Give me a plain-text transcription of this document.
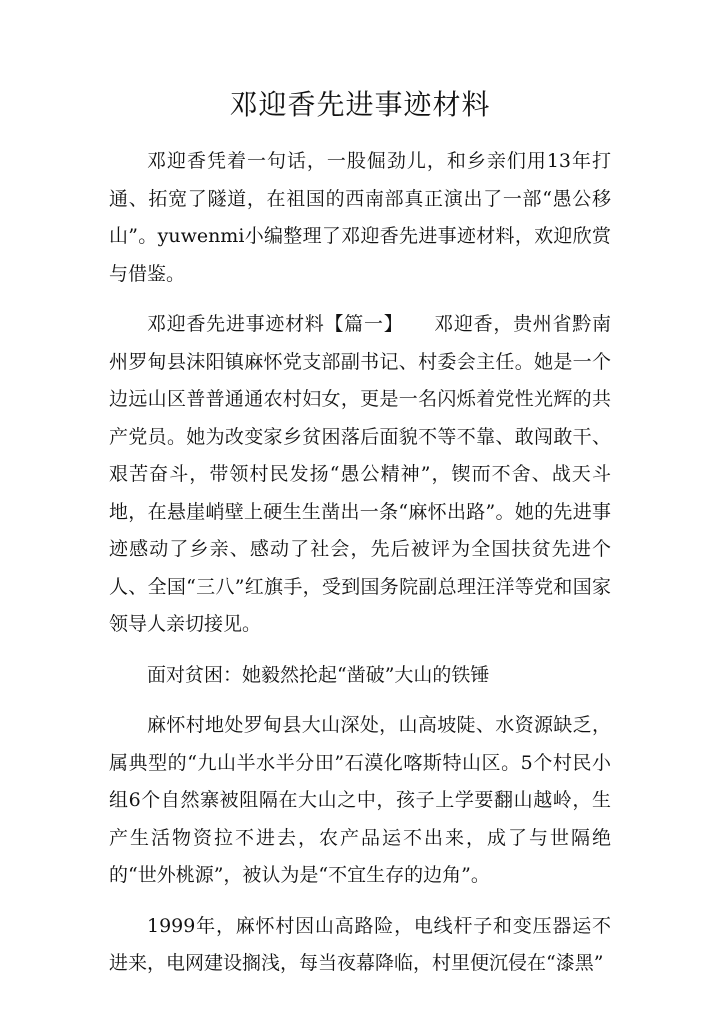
邓迎香先进事迹材料

邓迎香凭着一句话，一股倔劲儿，和乡亲们用13年打通、拓宽了隧道，在祖国的西南部真正演出了一部“愚公移山”。yuwenmi小编整理了邓迎香先进事迹材料，欢迎欣赏与借鉴。

邓迎香先进事迹材料【篇一】 邓迎香，贵州省黔南州罗甸县沫阳镇麻怀党支部副书记、村委会主任。她是一个边远山区普普通通农村妇女，更是一名闪烁着党性光辉的共产党员。她为改变家乡贫困落后面貌不等不靠、敢闯敢干、艰苦奋斗，带领村民发扬“愚公精神”，锲而不舍、战天斗地，在悬崖峭壁上硬生生凿出一条“麻怀出路”。她的先进事迹感动了乡亲、感动了社会，先后被评为全国扶贫先进个人、全国“三八”红旗手，受到国务院副总理汪洋等党和国家领导人亲切接见。

面对贫困：她毅然抡起“凿破”大山的铁锤

麻怀村地处罗甸县大山深处，山高坡陡、水资源缺乏，属典型的“九山半水半分田”石漠化喀斯特山区。5个村民小组6个自然寨被阻隔在大山之中，孩子上学要翻山越岭，生产生活物资拉不进去，农产品运不出来，成了与世隔绝的“世外桃源”，被认为是“不宜生存的边角”。

1999年，麻怀村因山高路险，电线杆子和变压器运不进来，电网建设搁浅，每当夜幕降临，村里便沉侵在“漆黑”
